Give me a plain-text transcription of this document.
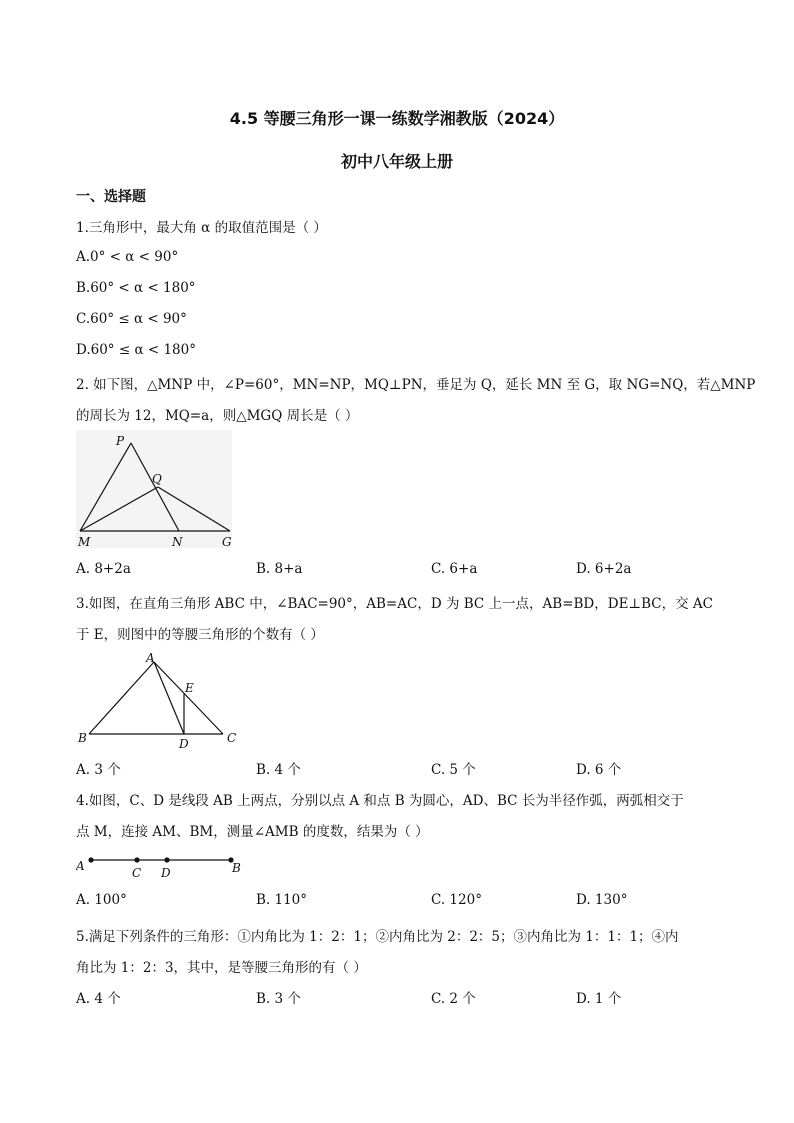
4.5 等腰三角形一课一练数学湘教版（2024）
初中八年级上册
一、选择题
1.三角形中，最大角 α 的取值范围是（ ）
A.0° < α < 90°
B.60° < α < 180°
C.60° ≤ α < 90°
D.60° ≤ α < 180°
2. 如下图，△MNP 中，∠P=60°，MN=NP，MQ⊥PN，垂足为 Q，延长 MN 至 G，取 NG=NQ，若△MNP
的周长为 12，MQ=a，则△MGQ 周长是（ ）
P
Q
M	N	G
A. 8+2a	B. 8+a	C. 6+a	D. 6+2a
3.如图，在直角三角形 ABC 中，∠BAC=90°，AB=AC，D 为 BC 上一点，AB=BD，DE⊥BC，交 AC
于 E，则图中的等腰三角形的个数有（ ）
A
E
B	D	C
A. 3 个	B. 4 个	C. 5 个	D. 6 个
4.如图，C、D 是线段 AB 上两点，分别以点 A 和点 B 为圆心，AD、BC 长为半径作弧，两弧相交于
点 M，连接 AM、BM，测量∠AMB 的度数，结果为（ ）
A	C D	B
A. 100°	B. 110°	C. 120°	D. 130°
5.满足下列条件的三角形：①内角比为 1：2：1；②内角比为 2：2：5；③内角比为 1：1：1；④内
角比为 1：2：3，其中，是等腰三角形的有（ ）
A. 4 个	B. 3 个	C. 2 个	D. 1 个
